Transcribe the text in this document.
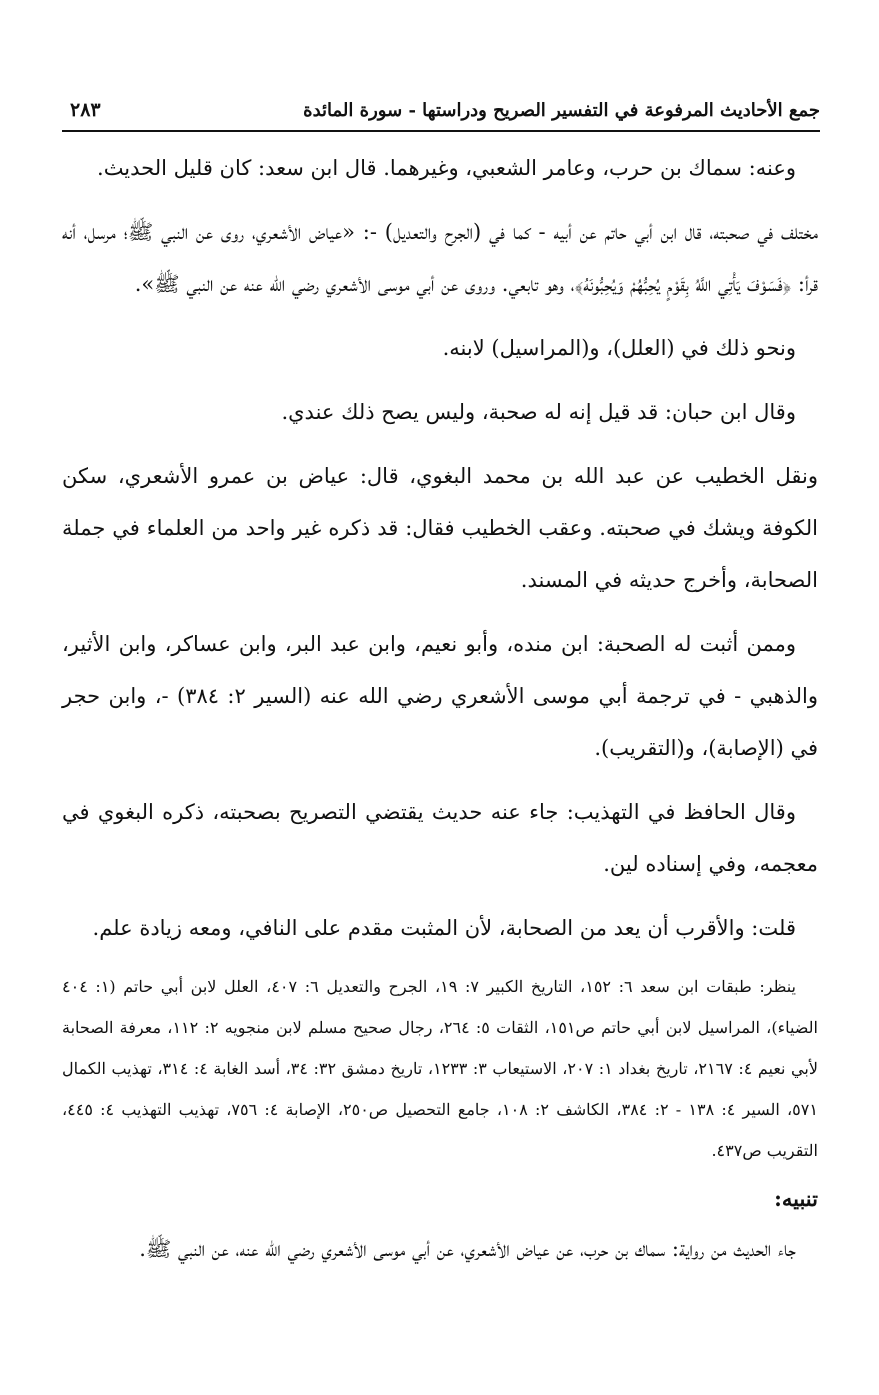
جمع الأحاديث المرفوعة في التفسير الصريح ودراستها - سورة المائدة
٢٨٣

وعنه: سماك بن حرب، وعامر الشعبي، وغيرهما. قال ابن سعد: كان قليل الحديث.

مختلف في صحبته، قال ابن أبي حاتم عن أبيه - كما في (الجرح والتعديل) -: «عياض الأشعري، روى عن النبي ﷺ؛ مرسل، أنه قرأ: ﴿فَسَوْفَ يَأْتِي اللَّهُ بِقَوْمٍ يُحِبُّهُمْ وَيُحِبُّونَهُ﴾، وهو تابعي. وروى عن أبي موسى الأشعري رضي الله عنه عن النبي ﷺ».

ونحو ذلك في (العلل)، و(المراسيل) لابنه.

وقال ابن حبان: قد قيل إنه له صحبة، وليس يصح ذلك عندي.

ونقل الخطيب عن عبد الله بن محمد البغوي، قال: عياض بن عمرو الأشعري، سكن الكوفة ويشك في صحبته. وعقب الخطيب فقال: قد ذكره غير واحد من العلماء في جملة الصحابة، وأخرج حديثه في المسند.

وممن أثبت له الصحبة: ابن منده، وأبو نعيم، وابن عبد البر، وابن عساكر، وابن الأثير، والذهبي - في ترجمة أبي موسى الأشعري رضي الله عنه (السير ٢: ٣٨٤) -، وابن حجر في (الإصابة)، و(التقريب).

وقال الحافظ في التهذيب: جاء عنه حديث يقتضي التصريح بصحبته، ذكره البغوي في معجمه، وفي إسناده لين.

قلت: والأقرب أن يعد من الصحابة، لأن المثبت مقدم على النافي، ومعه زيادة علم.

ينظر: طبقات ابن سعد ٦: ١٥٢، التاريخ الكبير ٧: ١٩، الجرح والتعديل ٦: ٤٠٧، العلل لابن أبي حاتم (١: ٤٠٤ الضياء)، المراسيل لابن أبي حاتم ص١٥١، الثقات ٥: ٢٦٤، رجال صحيح مسلم لابن منجويه ٢: ١١٢، معرفة الصحابة لأبي نعيم ٤: ٢١٦٧، تاريخ بغداد ١: ٢٠٧، الاستيعاب ٣: ١٢٣٣، تاريخ دمشق ٣٢: ٣٤، أسد الغابة ٤: ٣١٤، تهذيب الكمال ٥٧١، السير ٤: ١٣٨ - ٢: ٣٨٤، الكاشف ٢: ١٠٨، جامع التحصيل ص٢٥٠، الإصابة ٤: ٧٥٦، تهذيب التهذيب ٤: ٤٤٥، التقريب ص٤٣٧.

تنبيه:

جاء الحديث من رواية: سماك بن حرب، عن عياض الأشعري، عن أبي موسى الأشعري رضي الله عنه، عن النبي ﷺ.
